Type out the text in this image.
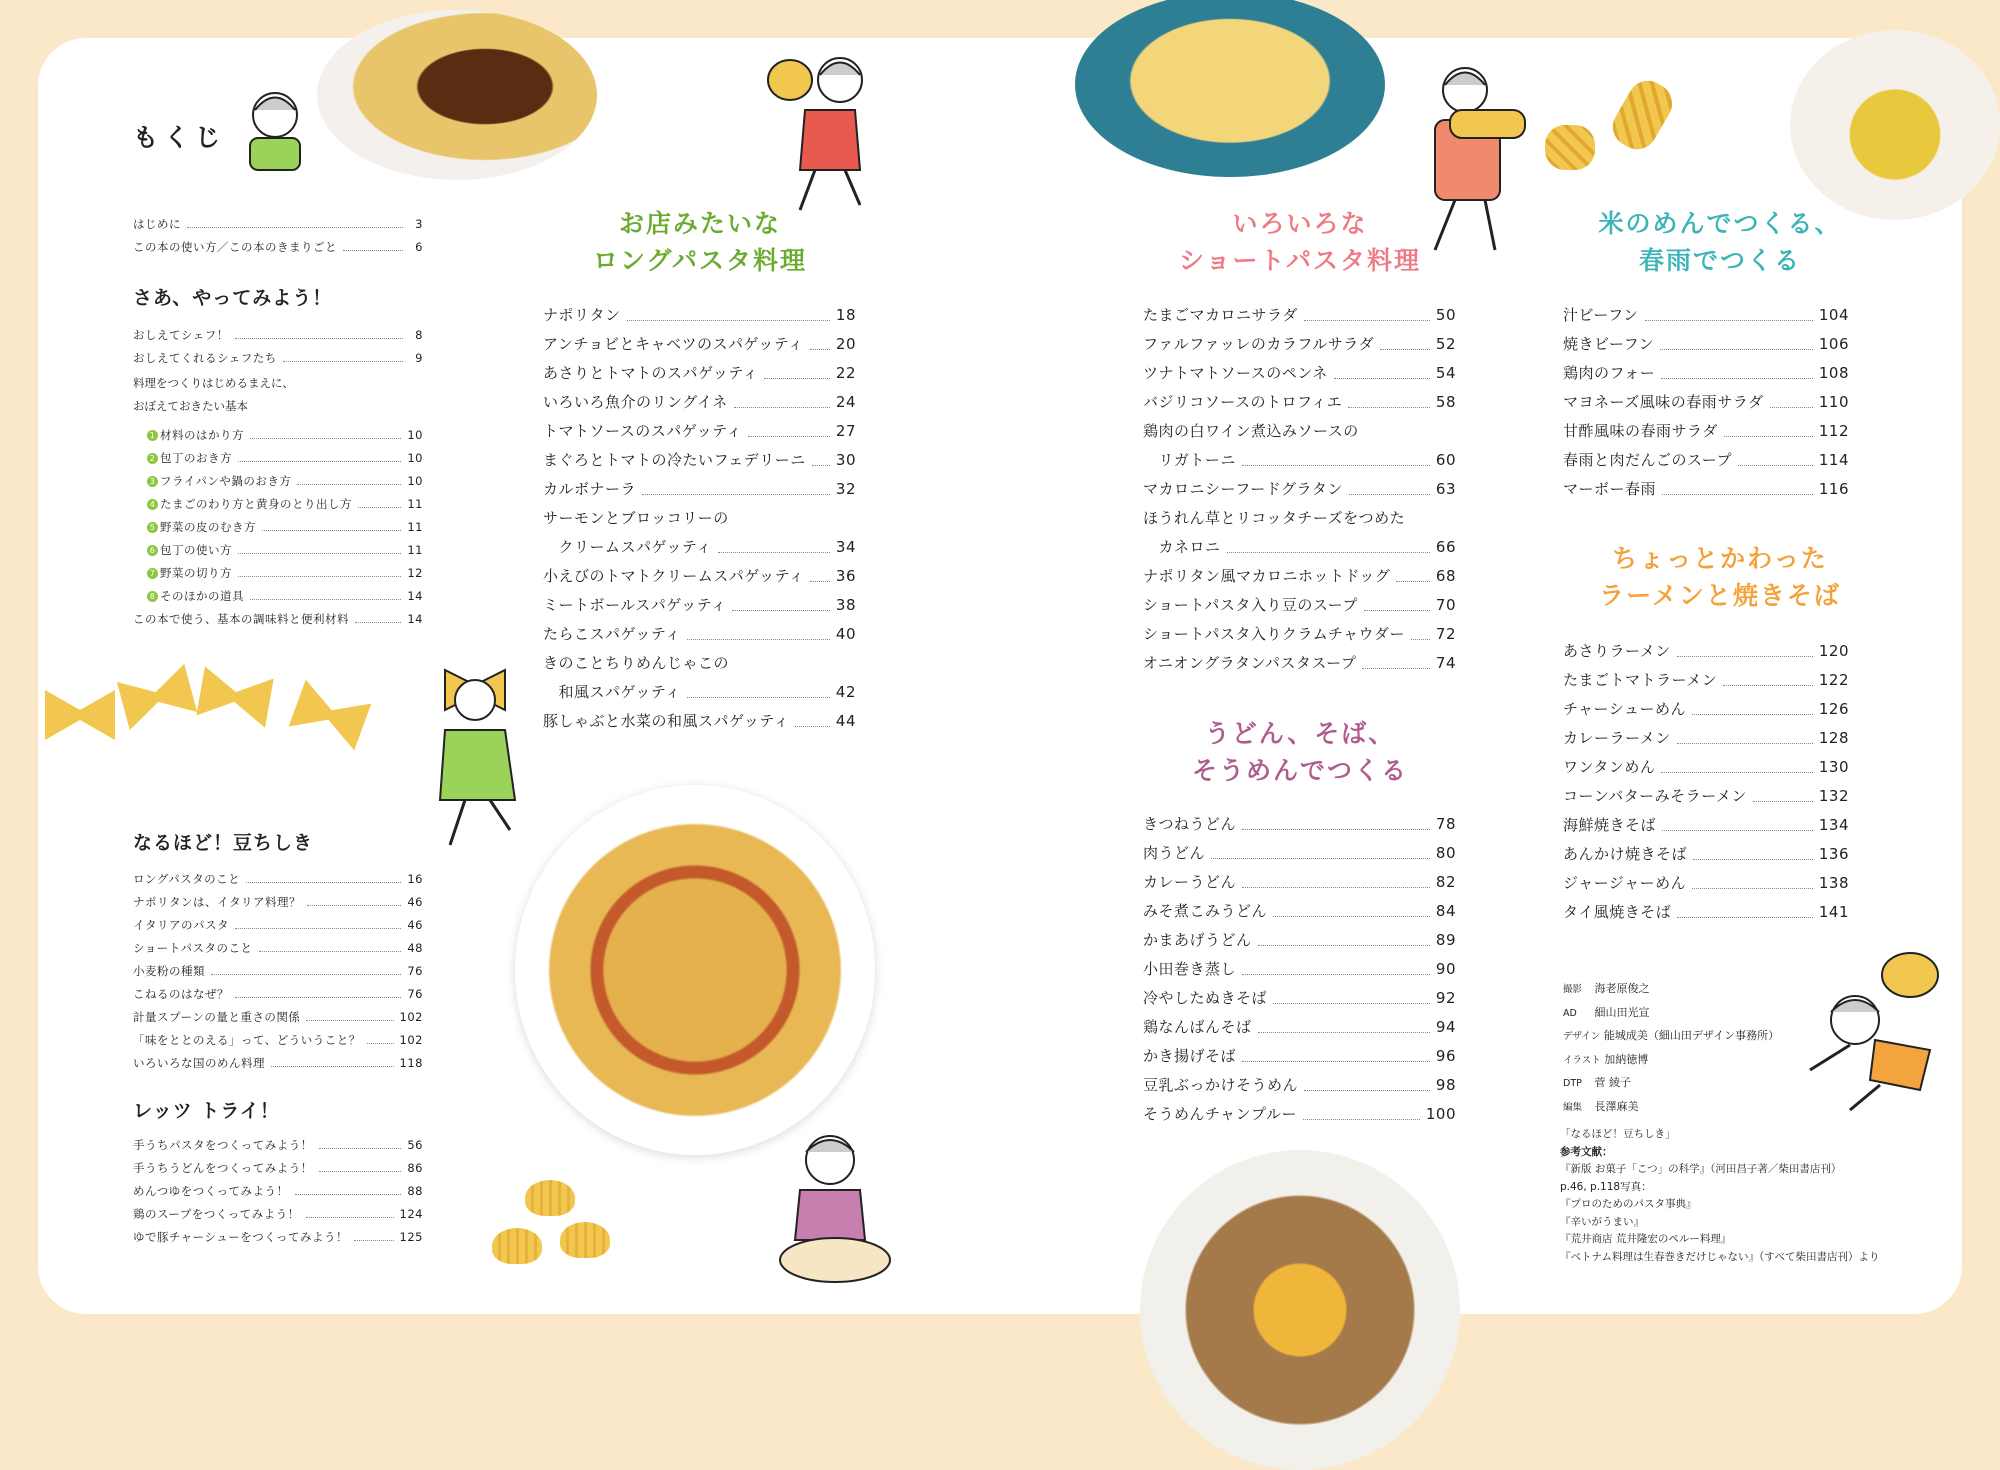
もくじ
はじめに	3
この本の使い方／この本のきまりごと	6
さあ、やってみよう！
おしえてシェフ！	8
おしえてくれるシェフたち	9
料理をつくりはじめるまえに、
おぼえておきたい基本
1 材料のはかり方	10
2 包丁のおき方	10
3 フライパンや鍋のおき方	10
4 たまごのわり方と黄身のとり出し方	11
5 野菜の皮のむき方	11
6 包丁の使い方	11
7 野菜の切り方	12
8 そのほかの道具	14
この本で使う、基本の調味料と便利材料	14
なるほど！豆ちしき
ロングパスタのこと	16
ナポリタンは、イタリア料理？	46
イタリアのパスタ	46
ショートパスタのこと	48
小麦粉の種類	76
こねるのはなぜ？	76
計量スプーンの量と重さの関係	102
「味をととのえる」って、どういうこと？	102
いろいろな国のめん料理	118
レッツ トライ！
手うちパスタをつくってみよう！	56
手うちうどんをつくってみよう！	86
めんつゆをつくってみよう！	88
鶏のスープをつくってみよう！	124
ゆで豚チャーシューをつくってみよう！	125
お店みたいな
ロングパスタ料理
ナポリタン	18
アンチョビとキャベツのスパゲッティ 20
あさりとトマトのスパゲッティ	22
いろいろ魚介のリングイネ	24
トマトソースのスパゲッティ	27
まぐろとトマトの冷たいフェデリーニ 30
カルボナーラ	32
サーモンとブロッコリーの
　クリームスパゲッティ	34
小えびのトマトクリームスパゲッティ 36
ミートボールスパゲッティ	38
たらこスパゲッティ	40
きのことちりめんじゃこの
　和風スパゲッティ	42
豚しゃぶと水菜の和風スパゲッティ	44
いろいろな
ショートパスタ料理
たまごマカロニサラダ	50
ファルファッレのカラフルサラダ	52
ツナトマトソースのペンネ	54
バジリコソースのトロフィエ	58
鶏肉の白ワイン煮込みソースの
　リガトーニ	60
マカロニシーフードグラタン	63
ほうれん草とリコッタチーズをつめた
　カネロニ	66
ナポリタン風マカロニホットドッグ	68
ショートパスタ入り豆のスープ	70
ショートパスタ入りクラムチャウダー 72
オニオングラタンパスタスープ	74
うどん、そば、
そうめんでつくる
きつねうどん	78
肉うどん	80
カレーうどん	82
みそ煮こみうどん	84
かまあげうどん	89
小田巻き蒸し	90
冷やしたぬきそば	92
鶏なんばんそば	94
かき揚げそば	96
豆乳ぶっかけそうめん	98
そうめんチャンプルー	100
米のめんでつくる、
春雨でつくる
汁ビーフン	104
焼きビーフン	106
鶏肉のフォー	108
マヨネーズ風味の春雨サラダ	110
甘酢風味の春雨サラダ	112
春雨と肉だんごのスープ	114
マーボー春雨	116
ちょっとかわった
ラーメンと焼きそば
あさりラーメン	120
たまごトマトラーメン	122
チャーシューめん	126
カレーラーメン	128
ワンタンめん	130
コーンバターみそラーメン	132
海鮮焼きそば	134
あんかけ焼きそば	136
ジャージャーめん	138
タイ風焼きそば	141
撮影 海老原俊之
AD 細山田光宣
デザイン 能城成美（細山田デザイン事務所）
イラスト 加納徳博
DTP 菅 綾子
編集 長澤麻美
「なるほど！豆ちしき」
参考文献：
『新版 お菓子「こつ」の科学』（河田昌子著／柴田書店刊）
p.46, p.118写真：
『プロのためのパスタ事典』
『辛いがうまい』
『荒井商店 荒井隆宏のペルー料理』
『ベトナム料理は生春巻きだけじゃない』（すべて柴田書店刊）より
